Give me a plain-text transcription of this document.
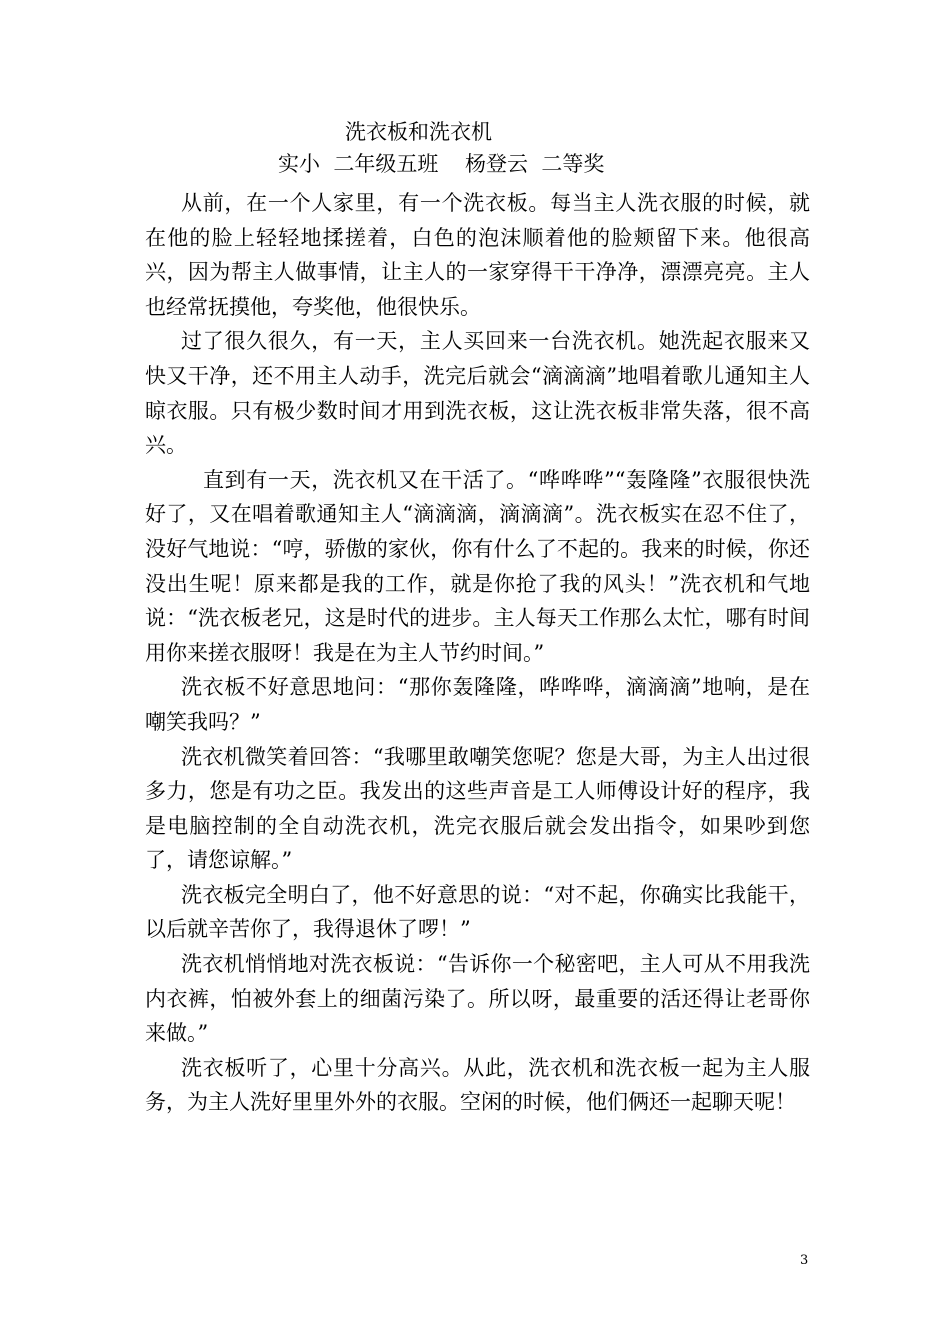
洗衣板和洗衣机
实小  二年级五班    杨登云  二等奖

从前，在一个人家里，有一个洗衣板。每当主人洗衣服的时候，就在他的脸上轻轻地揉搓着，白色的泡沫顺着他的脸颊留下来。他很高兴，因为帮主人做事情，让主人的一家穿得干干净净，漂漂亮亮。主人也经常抚摸他，夸奖他，他很快乐。

过了很久很久，有一天，主人买回来一台洗衣机。她洗起衣服来又快又干净，还不用主人动手，洗完后就会“滴滴滴”地唱着歌儿通知主人晾衣服。只有极少数时间才用到洗衣板，这让洗衣板非常失落，很不高兴。

直到有一天，洗衣机又在干活了。“哗哗哗”“轰隆隆”衣服很快洗好了，又在唱着歌通知主人“滴滴滴，滴滴滴”。洗衣板实在忍不住了，没好气地说：“哼，骄傲的家伙，你有什么了不起的。我来的时候，你还没出生呢！原来都是我的工作，就是你抢了我的风头！”洗衣机和气地说：“洗衣板老兄，这是时代的进步。主人每天工作那么太忙，哪有时间用你来搓衣服呀！我是在为主人节约时间。”

洗衣板不好意思地问：“那你轰隆隆，哗哗哗，滴滴滴”地响，是在嘲笑我吗？”

洗衣机微笑着回答：“我哪里敢嘲笑您呢？您是大哥，为主人出过很多力，您是有功之臣。我发出的这些声音是工人师傅设计好的程序，我是电脑控制的全自动洗衣机，洗完衣服后就会发出指令，如果吵到您了，请您谅解。”

洗衣板完全明白了，他不好意思的说：“对不起，你确实比我能干，以后就辛苦你了，我得退休了啰！”

洗衣机悄悄地对洗衣板说：“告诉你一个秘密吧，主人可从不用我洗内衣裤，怕被外套上的细菌污染了。所以呀，最重要的活还得让老哥你来做。”

洗衣板听了，心里十分高兴。从此，洗衣机和洗衣板一起为主人服务，为主人洗好里里外外的衣服。空闲的时候，他们俩还一起聊天呢！

3
